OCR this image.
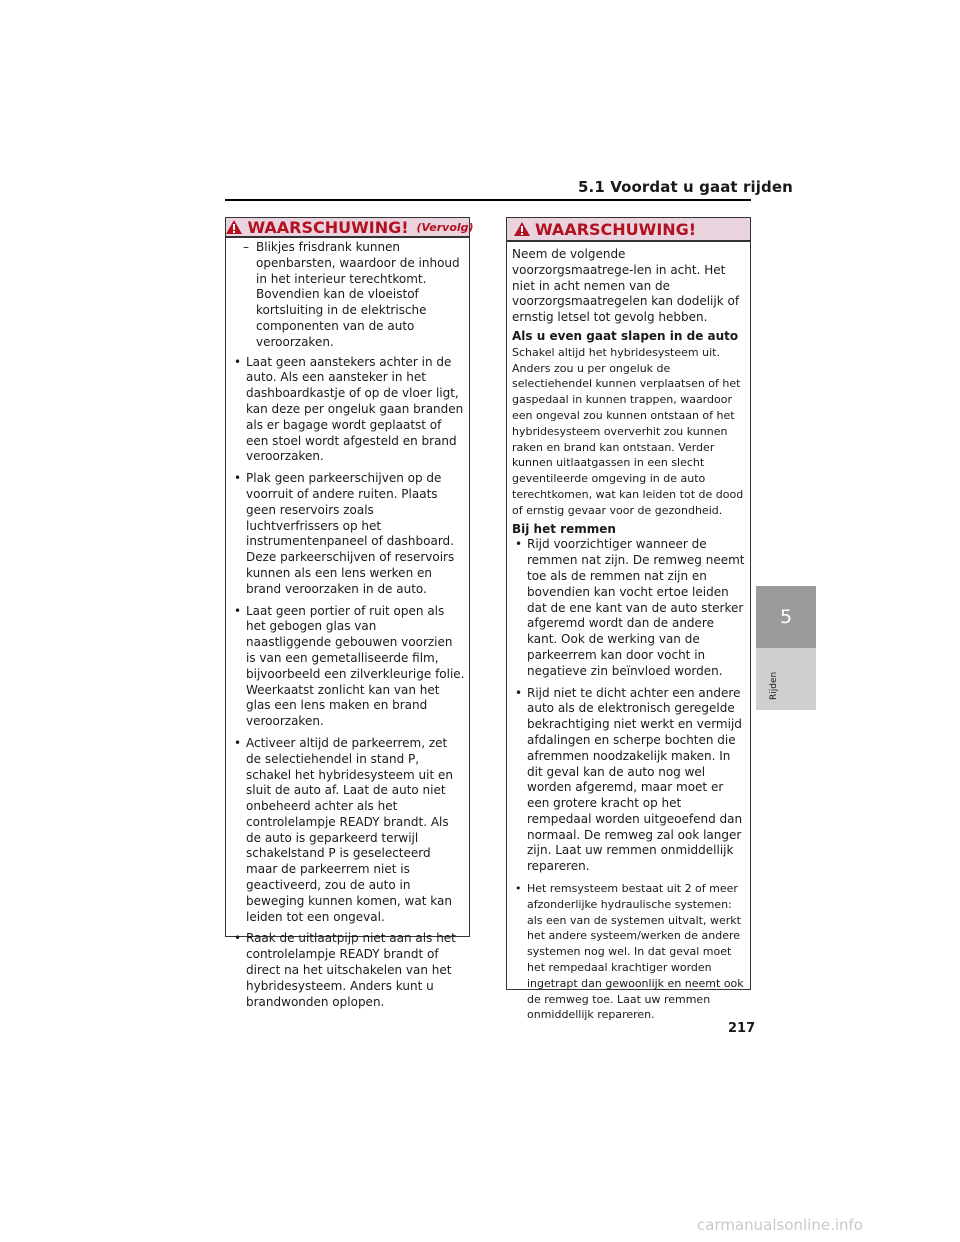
5.1 Voordat u gaat rijden
5
Rijden
WAARSCHUWING! (Vervolg)
– Blikjes frisdrank kunnen openbarsten, waardoor de inhoud in het interieur terechtkomt. Bovendien kan de vloeistof kortsluiting in de elektrische componenten van de auto veroorzaken.
• Laat geen aanstekers achter in de auto. Als een aansteker in het dashboardkastje of op de vloer ligt, kan deze per ongeluk gaan branden als er bagage wordt geplaatst of een stoel wordt afgesteld en brand veroorzaken.
• Plak geen parkeerschijven op de voorruit of andere ruiten. Plaats geen reservoirs zoals luchtverfrissers op het instrumentenpaneel of dashboard. Deze parkeerschijven of reservoirs kunnen als een lens werken en brand veroorzaken in de auto.
• Laat geen portier of ruit open als het gebogen glas van naastliggende gebouwen voorzien is van een gemetalliseerde film, bijvoorbeeld een zilverkleurige folie. Weerkaatst zonlicht kan van het glas een lens maken en brand veroorzaken.
• Activeer altijd de parkeerrem, zet de selectiehendel in stand P, schakel het hybridesysteem uit en sluit de auto af. Laat de auto niet onbeheerd achter als het controlelampje READY brandt. Als de auto is geparkeerd terwijl schakelstand P is geselecteerd maar de parkeerrem niet is geactiveerd, zou de auto in beweging kunnen komen, wat kan leiden tot een ongeval.
• Raak de uitlaatpijp niet aan als het controlelampje READY brandt of direct na het uitschakelen van het hybridesysteem. Anders kunt u brandwonden oplopen.
WAARSCHUWING!

Neem de volgende voorzorgsmaatrege-len in acht. Het niet in acht nemen van de voorzorgsmaatregelen kan dodelijk of ernstig letsel tot gevolg hebben.

Als u even gaat slapen in de auto

Schakel altijd het hybridesysteem uit. Anders zou u per ongeluk de selectiehendel kunnen verplaatsen of het gaspedaal in kunnen trappen, waardoor een ongeval zou kunnen ontstaan of het hybridesysteem oververhit zou kunnen raken en brand kan ontstaan. Verder kunnen uitlaatgassen in een slecht geventileerde omgeving in de auto terechtkomen, wat kan leiden tot de dood of ernstig gevaar voor de gezondheid.

Bij het remmen

• Rijd voorzichtiger wanneer de remmen nat zijn. De remweg neemt toe als de remmen nat zijn en bovendien kan vocht ertoe leiden dat de ene kant van de auto sterker afgeremd wordt dan de andere kant. Ook de werking van de parkeerrem kan door vocht in negatieve zin beïnvloed worden.
• Rijd niet te dicht achter een andere auto als de elektronisch geregelde bekrachtiging niet werkt en vermijd afdalingen en scherpe bochten die afremmen noodzakelijk maken. In dit geval kan de auto nog wel worden afgeremd, maar moet er een grotere kracht op het rempedaal worden uitgeoefend dan normaal. De remweg zal ook langer zijn. Laat uw remmen onmiddellijk repareren.
• Het remsysteem bestaat uit 2 of meer afzonderlijke hydraulische systemen: als een van de systemen uitvalt, werkt het andere systeem/werken de andere systemen nog wel. In dat geval moet het rempedaal krachtiger worden ingetrapt dan gewoonlijk en neemt ook de remweg toe. Laat uw remmen onmiddellijk repareren.
217
carmanualsonline.info
